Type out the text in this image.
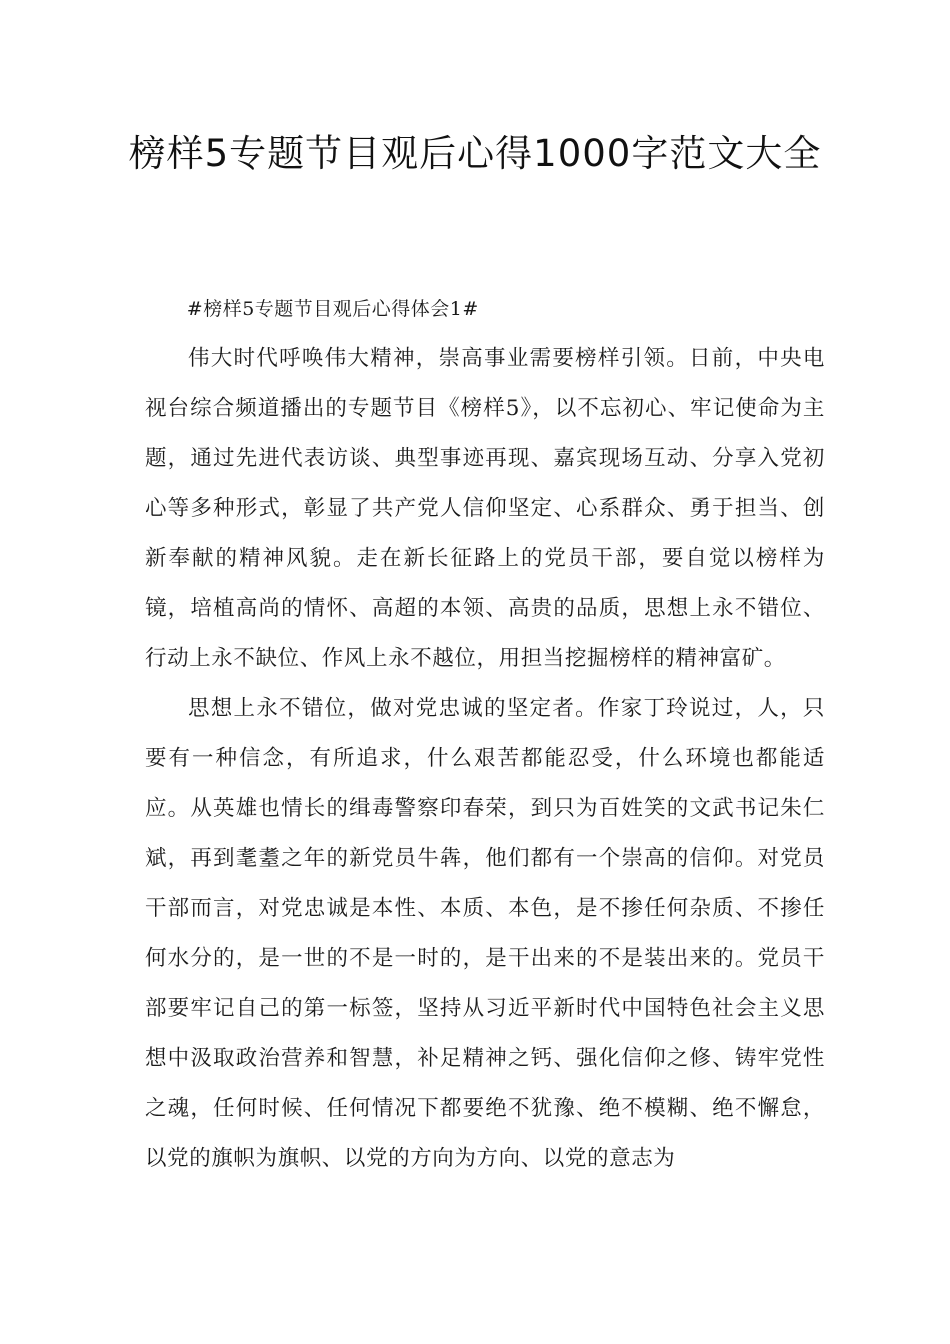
榜样5专题节目观后心得1000字范文大全

#榜样5专题节目观后心得体会1#

伟大时代呼唤伟大精神，崇高事业需要榜样引领。日前，中央电视台综合频道播出的专题节目《榜样5》，以不忘初心、牢记使命为主题，通过先进代表访谈、典型事迹再现、嘉宾现场互动、分享入党初心等多种形式，彰显了共产党人信仰坚定、心系群众、勇于担当、创新奉献的精神风貌。走在新长征路上的党员干部，要自觉以榜样为镜，培植高尚的情怀、高超的本领、高贵的品质，思想上永不错位、行动上永不缺位、作风上永不越位，用担当挖掘榜样的精神富矿。

思想上永不错位，做对党忠诚的坚定者。作家丁玲说过，人，只要有一种信念，有所追求，什么艰苦都能忍受，什么环境也都能适应。从英雄也情长的缉毒警察印春荣，到只为百姓笑的文武书记朱仁斌，再到耄耋之年的新党员牛犇，他们都有一个崇高的信仰。对党员干部而言，对党忠诚是本性、本质、本色，是不掺任何杂质、不掺任何水分的，是一世的不是一时的，是干出来的不是装出来的。党员干部要牢记自己的第一标签，坚持从习近平新时代中国特色社会主义思想中汲取政治营养和智慧，补足精神之钙、强化信仰之修、铸牢党性之魂，任何时候、任何情况下都要绝不犹豫、绝不模糊、绝不懈怠，以党的旗帜为旗帜、以党的方向为方向、以党的意志为
